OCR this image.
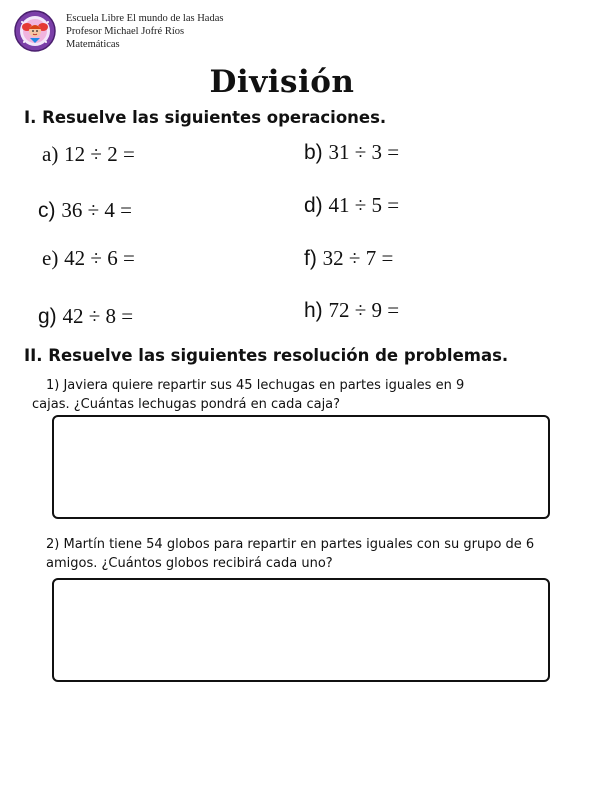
Escuela Libre El mundo de las Hadas
Profesor Michael Jofré Ríos
Matemáticas
División
I. Resuelve las siguientes operaciones.
a) 12 ÷ 2 =	b) 31 ÷ 3 =
c) 36 ÷ 4 =	d) 41 ÷ 5 =
e) 42 ÷ 6 =	f) 32 ÷ 7 =
g) 42 ÷ 8 =	h) 72 ÷ 9 =
II. Resuelve las siguientes resolución de problemas.
1) Javiera quiere repartir sus 45 lechugas en partes iguales en 9
cajas. ¿Cuántas lechugas pondrá en cada caja?
2) Martín tiene 54 globos para repartir en partes iguales con su grupo de 6
amigos. ¿Cuántos globos recibirá cada uno?
